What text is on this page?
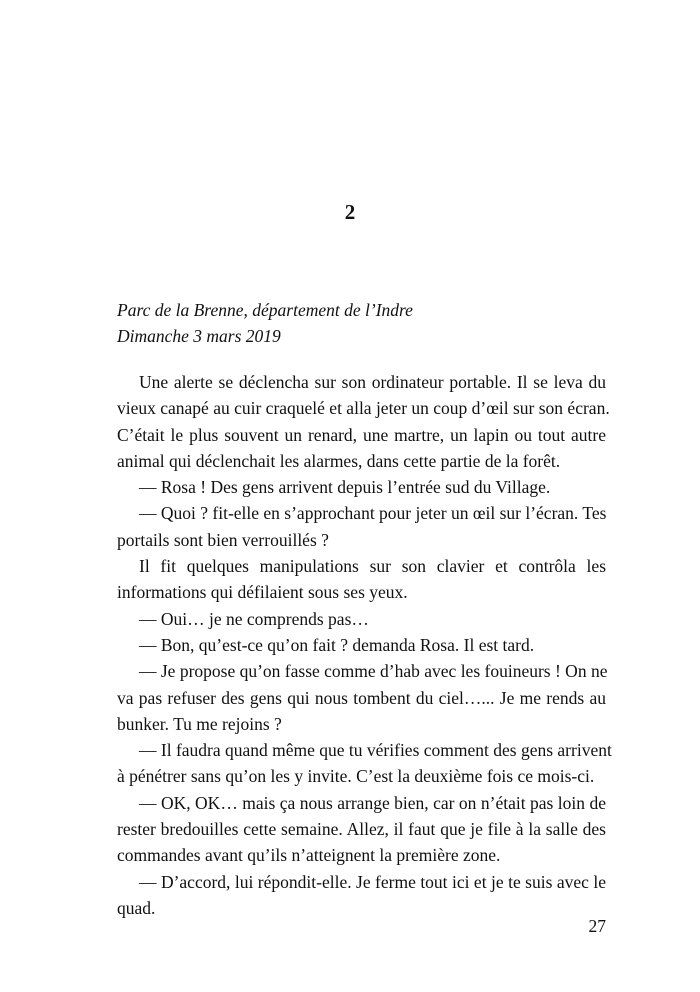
2
Parc de la Brenne, département de l’Indre
Dimanche 3 mars 2019
Une alerte se déclencha sur son ordinateur portable. Il se leva du
vieux canapé au cuir craquelé et alla jeter un coup d’œil sur son écran.
C’était le plus souvent un renard, une martre, un lapin ou tout autre
animal qui déclenchait les alarmes, dans cette partie de la forêt.
— Rosa ! Des gens arrivent depuis l’entrée sud du Village.
— Quoi ? fit-elle en s’approchant pour jeter un œil sur l’écran. Tes
portails sont bien verrouillés ?
Il fit quelques manipulations sur son clavier et contrôla les
informations qui défilaient sous ses yeux.
— Oui… je ne comprends pas…
— Bon, qu’est-ce qu’on fait ? demanda Rosa. Il est tard.
— Je propose qu’on fasse comme d’hab avec les fouineurs ! On ne
va pas refuser des gens qui nous tombent du ciel…... Je me rends au
bunker. Tu me rejoins ?
— Il faudra quand même que tu vérifies comment des gens arrivent
à pénétrer sans qu’on les y invite. C’est la deuxième fois ce mois-ci.
— OK, OK… mais ça nous arrange bien, car on n’était pas loin de
rester bredouilles cette semaine. Allez, il faut que je file à la salle des
commandes avant qu’ils n’atteignent la première zone.
— D’accord, lui répondit-elle. Je ferme tout ici et je te suis avec le
quad.
27
